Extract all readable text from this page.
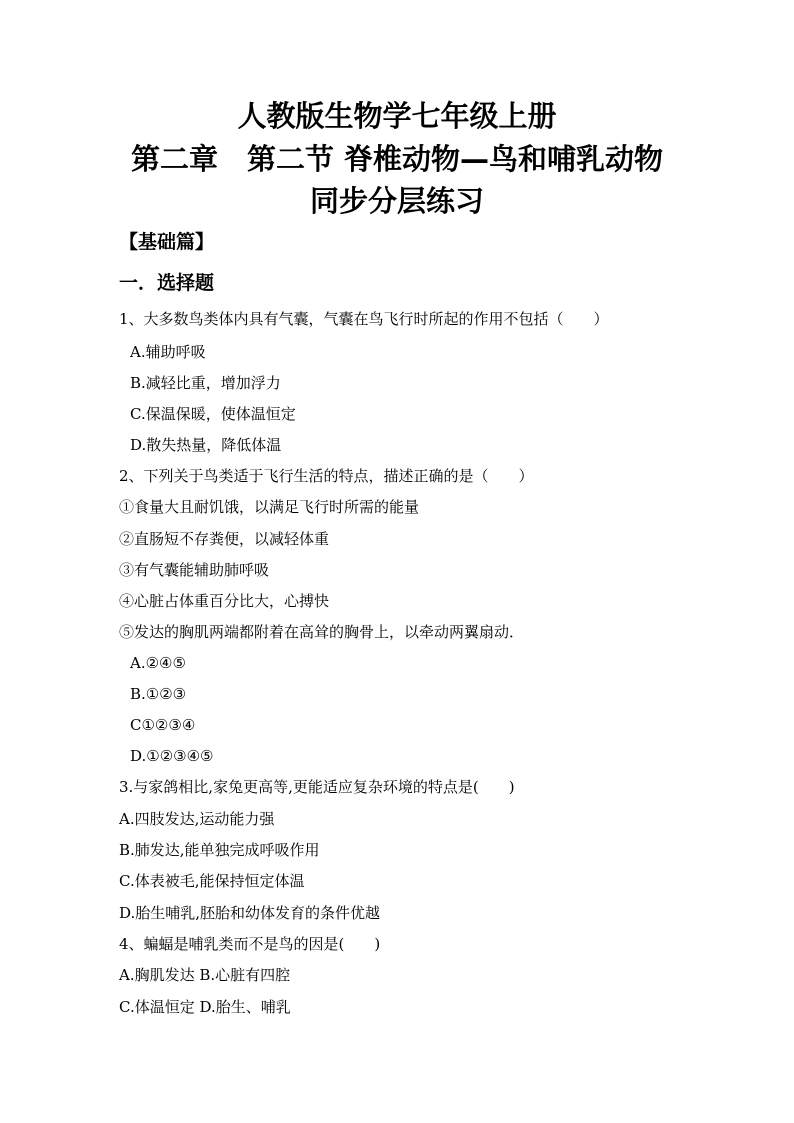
人教版生物学七年级上册
第二章　第二节 脊椎动物—鸟和哺乳动物
同步分层练习
【基础篇】
一．选择题
1、大多数鸟类体内具有气囊，气囊在鸟飞行时所起的作用不包括（　　）
A.辅助呼吸
B.减轻比重，增加浮力
C.保温保暖，使体温恒定
D.散失热量，降低体温
2、下列关于鸟类适于飞行生活的特点，描述正确的是（　　）
①食量大且耐饥饿，以满足飞行时所需的能量
②直肠短不存粪便，以减轻体重
③有气囊能辅助肺呼吸
④心脏占体重百分比大，心搏快
⑤发达的胸肌两端都附着在高耸的胸骨上，以牵动两翼扇动．
A.②④⑤
B.①②③
C①②③④
D.①②③④⑤
3.与家鸽相比,家兔更高等,更能适应复杂环境的特点是(　　)
A.四肢发达,运动能力强
B.肺发达,能单独完成呼吸作用
C.体表被毛,能保持恒定体温
D.胎生哺乳,胚胎和幼体发育的条件优越
4、蝙蝠是哺乳类而不是鸟的因是(　　)
A.胸肌发达 B.心脏有四腔
C.体温恒定 D.胎生、哺乳
